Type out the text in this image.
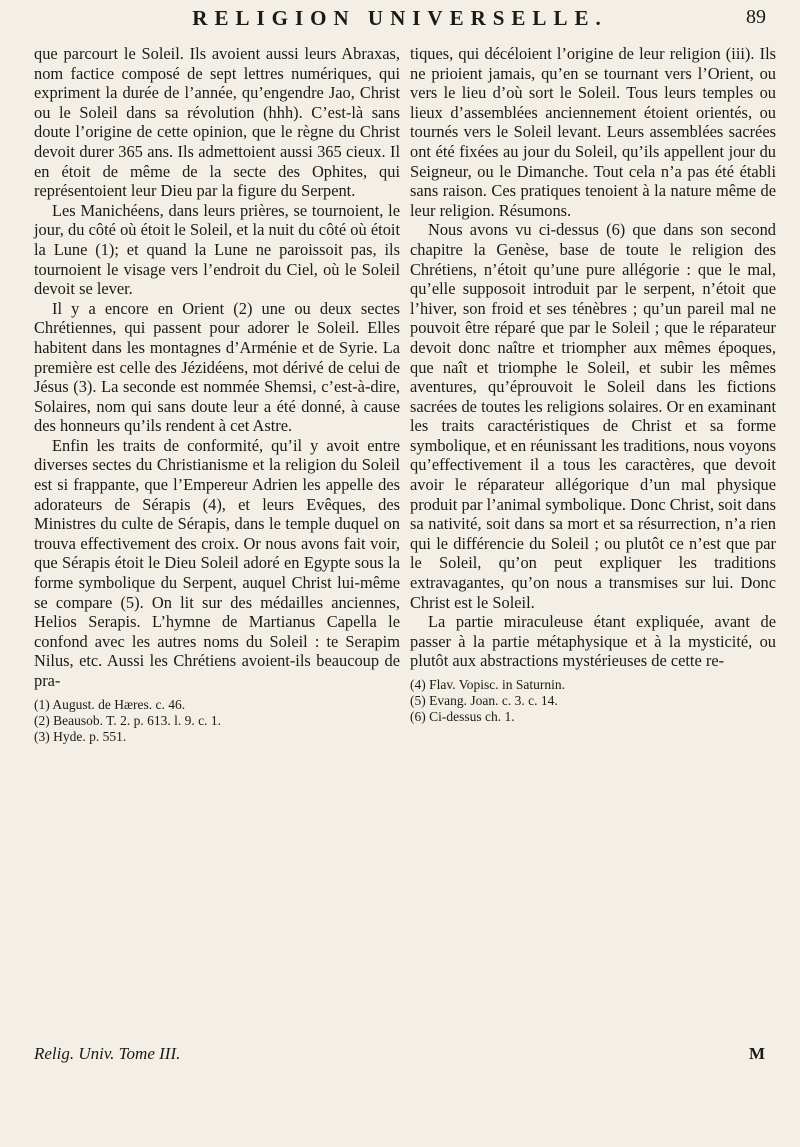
RELIGION UNIVERSELLE.	89

que parcourt le Soleil. Ils avoient aussi leurs Abraxas, nom factice composé de sept lettres numériques, qui expriment la durée de l’année, qu’engendre Jao, Christ ou le Soleil dans sa révolution (hhh). C’est-là sans doute l’origine de cette opinion, que le règne du Christ devoit durer 365 ans. Ils admettoient aussi 365 cieux. Il en étoit de même de la secte des Ophites, qui représentoient leur Dieu par la figure du Serpent.

Les Manichéens, dans leurs prières, se tournoient, le jour, du côté où étoit le Soleil, et la nuit du côté où étoit la Lune (1); et quand la Lune ne paroissoit pas, ils tournoient le visage vers l’endroit du Ciel, où le Soleil devoit se lever.

Il y a encore en Orient (2) une ou deux sectes Chrétiennes, qui passent pour adorer le Soleil. Elles habitent dans les montagnes d’Arménie et de Syrie. La première est celle des Jézidéens, mot dérivé de celui de Jésus (3). La seconde est nommée Shemsi, c’est-à-dire, Solaires, nom qui sans doute leur a été donné, à cause des honneurs qu’ils rendent à cet Astre.

Enfin les traits de conformité, qu’il y avoit entre diverses sectes du Christianisme et la religion du Soleil est si frappante, que l’Empereur Adrien les appelle des adorateurs de Sérapis (4), et leurs Evêques, des Ministres du culte de Sérapis, dans le temple duquel on trouva effectivement des croix. Or nous avons fait voir, que Sérapis étoit le Dieu Soleil adoré en Egypte sous la forme symbolique du Serpent, auquel Christ lui-même se compare (5). On lit sur des médailles anciennes, Helios Serapis. L’hymne de Martianus Capella le confond avec les autres noms du Soleil : te Serapim Nilus, etc. Aussi les Chrétiens avoient-ils beaucoup de pra-

(1) August. de Hæres. c. 46.
(2) Beausob. T. 2. p. 613. l. 9. c. 1.
(3) Hyde. p. 551.

tiques, qui décéloient l’origine de leur religion (iii). Ils ne prioient jamais, qu’en se tournant vers l’Orient, ou vers le lieu d’où sort le Soleil. Tous leurs temples ou lieux d’assemblées anciennement étoient orientés, ou tournés vers le Soleil levant. Leurs assemblées sacrées ont été fixées au jour du Soleil, qu’ils appellent jour du Seigneur, ou le Dimanche. Tout cela n’a pas été établi sans raison. Ces pratiques tenoient à la nature même de leur religion. Résumons.

Nous avons vu ci-dessus (6) que dans son second chapitre la Genèse, base de toute le religion des Chrétiens, n’étoit qu’une pure allégorie : que le mal, qu’elle supposoit introduit par le serpent, n’étoit que l’hiver, son froid et ses ténèbres ; qu’un pareil mal ne pouvoit être réparé que par le Soleil ; que le réparateur devoit donc naître et triompher aux mêmes époques, que naît et triomphe le Soleil, et subir les mêmes aventures, qu’éprouvoit le Soleil dans les fictions sacrées de toutes les religions solaires. Or en examinant les traits caractéristiques de Christ et sa forme symbolique, et en réunissant les traditions, nous voyons qu’effectivement il a tous les caractères, que devoit avoir le réparateur allégorique d’un mal physique produit par l’animal symbolique. Donc Christ, soit dans sa nativité, soit dans sa mort et sa résurrection, n’a rien qui le différencie du Soleil ; ou plutôt ce n’est que par le Soleil, qu’on peut expliquer les traditions extravagantes, qu’on nous a transmises sur lui. Donc Christ est le Soleil.

La partie miraculeuse étant expliquée, avant de passer à la partie métaphysique et à la mysticité, ou plutôt aux abstractions mystérieuses de cette re-

(4) Flav. Vopisc. in Saturnin.
(5) Evang. Joan. c. 3. c. 14.
(6) Ci-dessus ch. 1.
Relig. Univ. Tome III.	M
